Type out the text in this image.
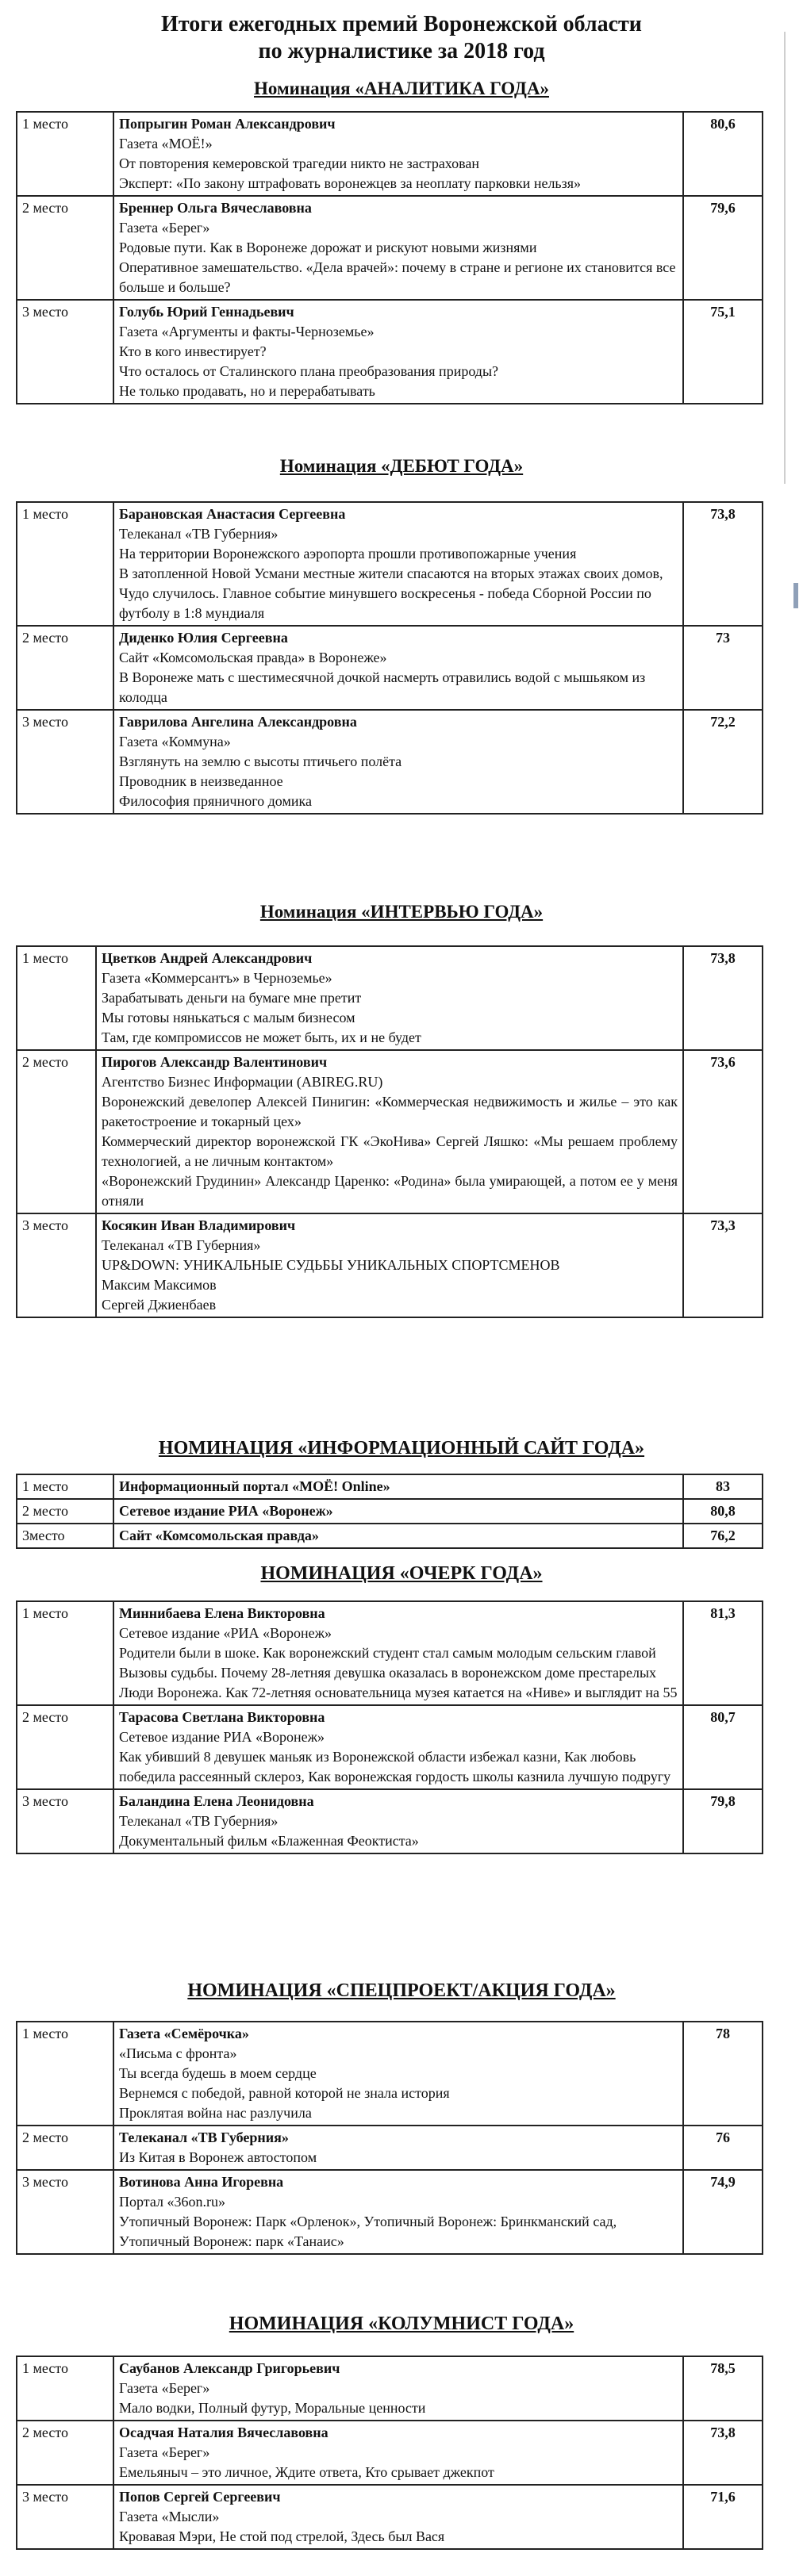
Итоги ежегодных премий Воронежской области
по журналистике за 2018 год
Номинация «АНАЛИТИКА ГОДА»
1 место	Попрыгин Роман Александрович
Газета «МОЁ!»
От повторения кемеровской трагедии никто не застрахован
Эксперт: «По закону штрафовать воронежцев за неоплату парковки нельзя»	80,6
2 место	Бреннер Ольга Вячеславовна
Газета «Берег»
Родовые пути. Как в Воронеже дорожат и рискуют новыми жизнями
Оперативное замешательство. «Дела врачей»: почему в стране и регионе их становится все больше и больше?	79,6
3 место	Голубь Юрий Геннадьевич
Газета «Аргументы и факты-Черноземье»
Кто в кого инвестирует?
Что осталось от Сталинского плана преобразования природы?
Не только продавать, но и перерабатывать	75,1
Номинация «ДЕБЮТ ГОДА»
1 место	Барановская Анастасия Сергеевна
Телеканал «ТВ Губерния»
На территории Воронежского аэропорта прошли противопожарные учения
В затопленной Новой Усмани местные жители спасаются на вторых этажах своих домов,
Чудо случилось. Главное событие минувшего воскресенья - победа Сборной России по футболу в 1:8 мундиаля	73,8
2 место	Диденко Юлия Сергеевна
Сайт «Комсомольская правда» в Воронеже»
В Воронеже мать с шестимесячной дочкой насмерть отравились водой с мышьяком из колодца	73
3 место	Гаврилова Ангелина Александровна
Газета «Коммуна»
Взглянуть на землю с высоты птичьего полёта
Проводник в неизведанное
Философия пряничного домика	72,2
Номинация «ИНТЕРВЬЮ ГОДА»
1 место	Цветков Андрей Александрович
Газета «Коммерсантъ» в Черноземье»
Зарабатывать деньги на бумаге мне претит
Мы готовы нянькаться с малым бизнесом
Там, где компромиссов не может быть, их и не будет	73,8
2 место	Пирогов Александр Валентинович
Агентство Бизнес Информации (ABIREG.RU)
Воронежский девелопер Алексей Пинигин: «Коммерческая недвижимость и жилье – это как ракетостроение и токарный цех»
Коммерческий директор воронежской ГК «ЭкоНива» Сергей Ляшко: «Мы решаем проблему технологией, а не личным контактом»
«Воронежский Грудинин» Александр Царенко: «Родина» была умирающей, а потом ее у меня отняли	73,6
3 место	Косякин Иван Владимирович
Телеканал «ТВ Губерния»
UP&DOWN: УНИКАЛЬНЫЕ СУДЬБЫ УНИКАЛЬНЫХ СПОРТСМЕНОВ
Максим Максимов
Сергей Джиенбаев	73,3
НОМИНАЦИЯ «ИНФОРМАЦИОННЫЙ САЙТ ГОДА»
1 место	Информационный портал «МОЁ! Online»	83
2 место	Сетевое издание РИА «Воронеж»	80,8
3место	Сайт «Комсомольская правда»	76,2
НОМИНАЦИЯ «ОЧЕРК ГОДА»
1 место	Миннибаева Елена Викторовна
Сетевое издание «РИА «Воронеж»
Родители были в шоке. Как воронежский студент стал самым молодым сельским главой
Вызовы судьбы. Почему 28-летняя девушка оказалась в воронежском доме престарелых
Люди Воронежа. Как 72-летняя основательница музея катается на «Ниве» и выглядит на 55	81,3
2 место	Тарасова Светлана Викторовна
Сетевое издание РИА «Воронеж»
Как убивший 8 девушек маньяк из Воронежской области избежал казни, Как любовь победила рассеянный склероз, Как воронежская гордость школы казнила лучшую подругу	80,7
3 место	Баландина Елена Леонидовна
Телеканал «ТВ Губерния»
Документальный фильм «Блаженная Феоктиста»	79,8
НОМИНАЦИЯ «СПЕЦПРОЕКТ/АКЦИЯ ГОДА»
1 место	Газета «Семёрочка»
«Письма с фронта»
Ты всегда будешь в моем сердце
Вернемся с победой, равной которой не знала история
Проклятая война нас разлучила	78
2 место	Телеканал «ТВ Губерния»
Из Китая в Воронеж автостопом	76
3 место	Вотинова Анна Игоревна
Портал «36on.ru»
Утопичный Воронеж: Парк «Орленок», Утопичный Воронеж: Бринкманский сад, Утопичный Воронеж: парк «Танаис»	74,9
НОМИНАЦИЯ «КОЛУМНИСТ ГОДА»
1 место	Саубанов Александр Григорьевич
Газета «Берег»
Мало водки, Полный футур, Моральные ценности	78,5
2 место	Осадчая Наталия Вячеславовна
Газета «Берег»
Емельяныч – это личное, Ждите ответа, Кто срывает джекпот	73,8
3 место	Попов Сергей Сергеевич
Газета «Мысли»
Кровавая Мэри, Не стой под стрелой, Здесь был Вася	71,6
